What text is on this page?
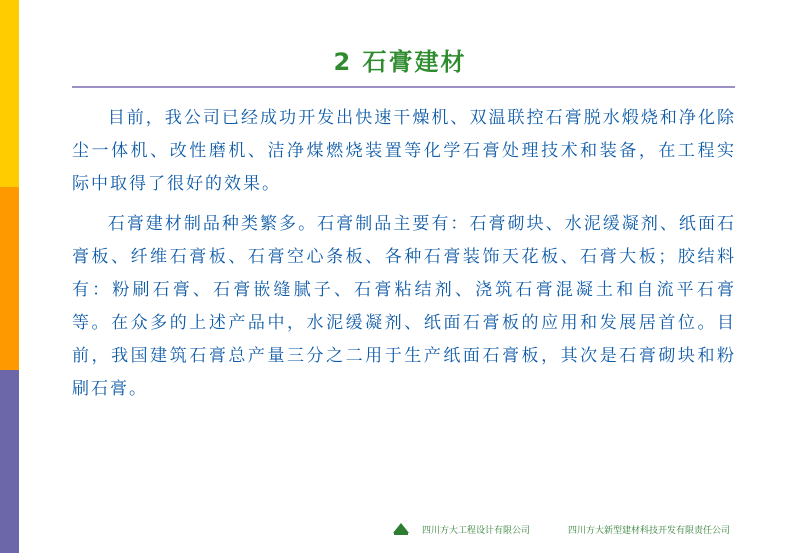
2 石膏建材

目前，我公司已经成功开发出快速干燥机、双温联控石膏脱水煅烧和净化除尘一体机、改性磨机、洁净煤燃烧装置等化学石膏处理技术和装备，在工程实际中取得了很好的效果。

石膏建材制品种类繁多。石膏制品主要有：石膏砌块、水泥缓凝剂、纸面石膏板、纤维石膏板、石膏空心条板、各种石膏装饰天花板、石膏大板；胶结料有：粉刷石膏、石膏嵌缝腻子、石膏粘结剂、浇筑石膏混凝土和自流平石膏等。在众多的上述产品中，水泥缓凝剂、纸面石膏板的应用和发展居首位。目前，我国建筑石膏总产量三分之二用于生产纸面石膏板，其次是石膏砌块和粉刷石膏。

四川方大工程设计有限公司	四川方大新型建材科技开发有限责任公司
